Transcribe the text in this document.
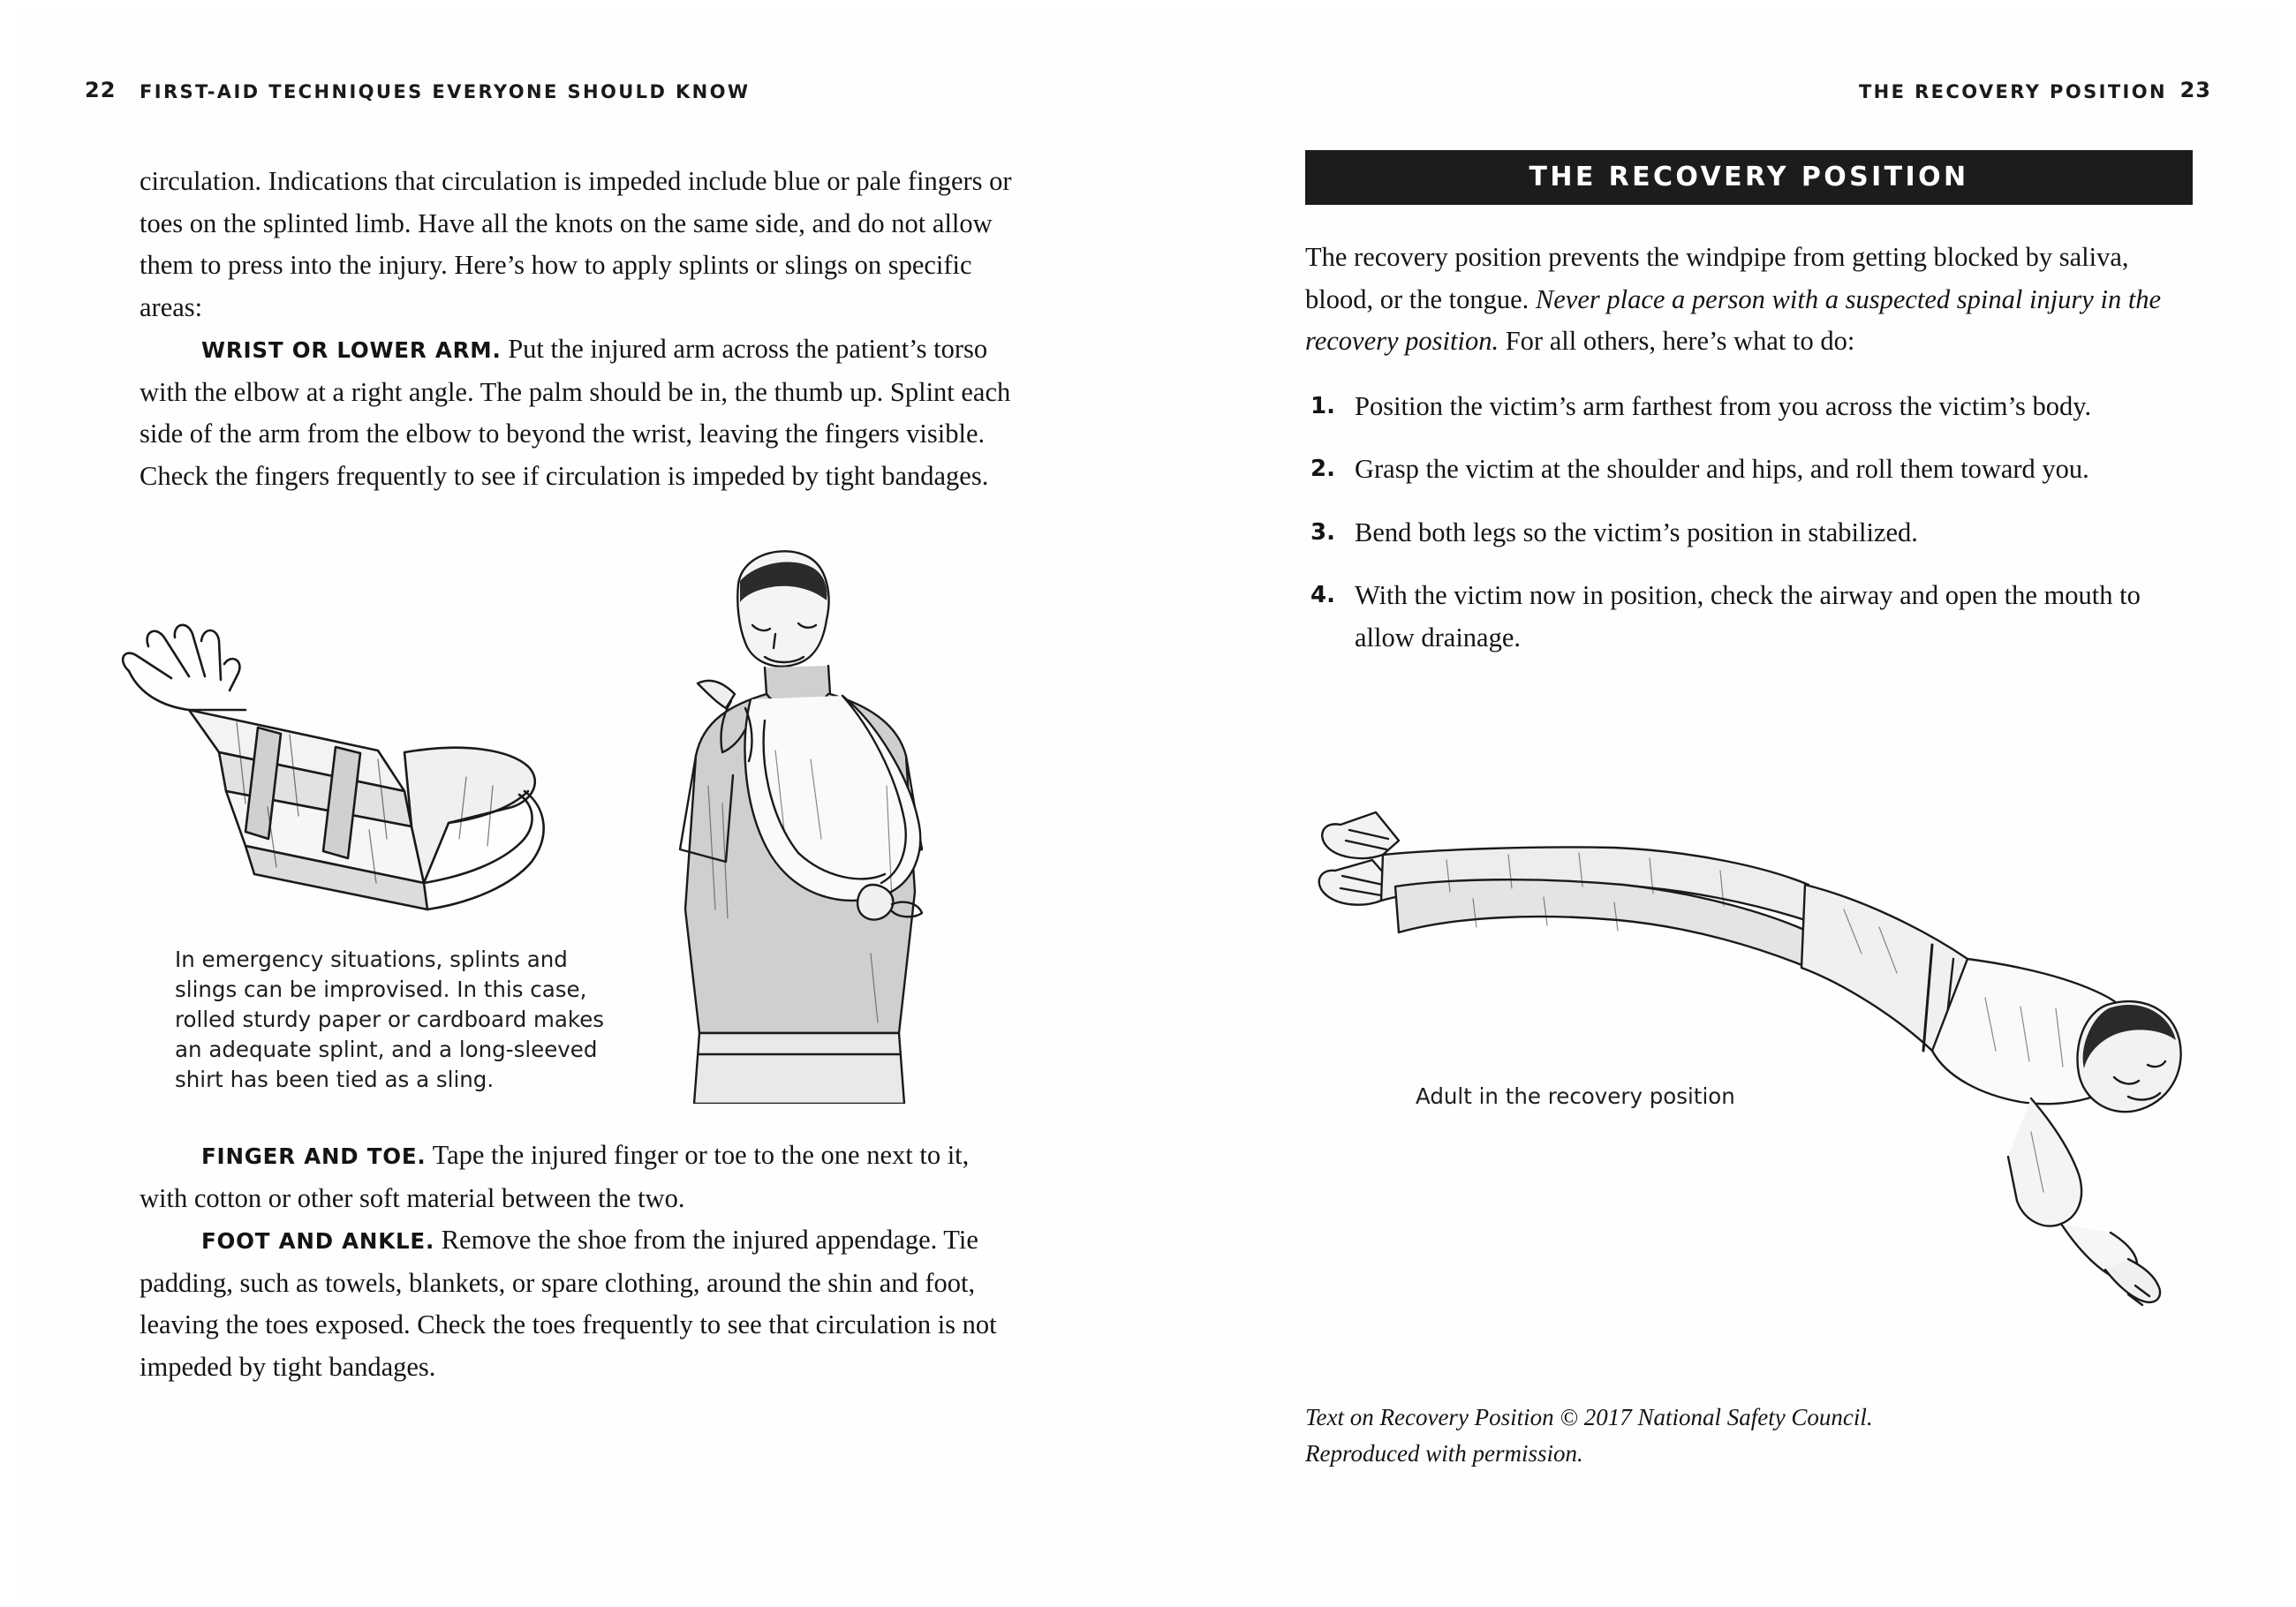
22 FIRST-AID TECHNIQUES EVERYONE SHOULD KNOW

circulation. Indications that circulation is impeded include blue or pale fingers or toes on the splinted limb. Have all the knots on the same side, and do not allow them to press into the injury. Here’s how to apply splints or slings on specific areas:

WRIST OR LOWER ARM. Put the injured arm across the patient’s torso with the elbow at a right angle. The palm should be in, the thumb up. Splint each side of the arm from the elbow to beyond the wrist, leaving the fingers visible. Check the fingers frequently to see if circulation is impeded by tight bandages.

In emergency situations, splints and slings can be improvised. In this case, rolled sturdy paper or cardboard makes an adequate splint, and a long-sleeved shirt has been tied as a sling.

FINGER AND TOE. Tape the injured finger or toe to the one next to it, with cotton or other soft material between the two.

FOOT AND ANKLE. Remove the shoe from the injured appendage. Tie padding, such as towels, blankets, or spare clothing, around the shin and foot, leaving the toes exposed. Check the toes frequently to see that circulation is not impeded by tight bandages.

THE RECOVERY POSITION 23
THE RECOVERY POSITION

The recovery position prevents the windpipe from getting blocked by saliva, blood, or the tongue. Never place a person with a suspected spinal injury in the recovery position. For all others, here’s what to do:

1. Position the victim’s arm farthest from you across the victim’s body.
2. Grasp the victim at the shoulder and hips, and roll them toward you.
3. Bend both legs so the victim’s position in stabilized.
4. With the victim now in position, check the airway and open the mouth to allow drainage.
Adult in the recovery position
Text on Recovery Position © 2017 National Safety Council.
Reproduced with permission.
